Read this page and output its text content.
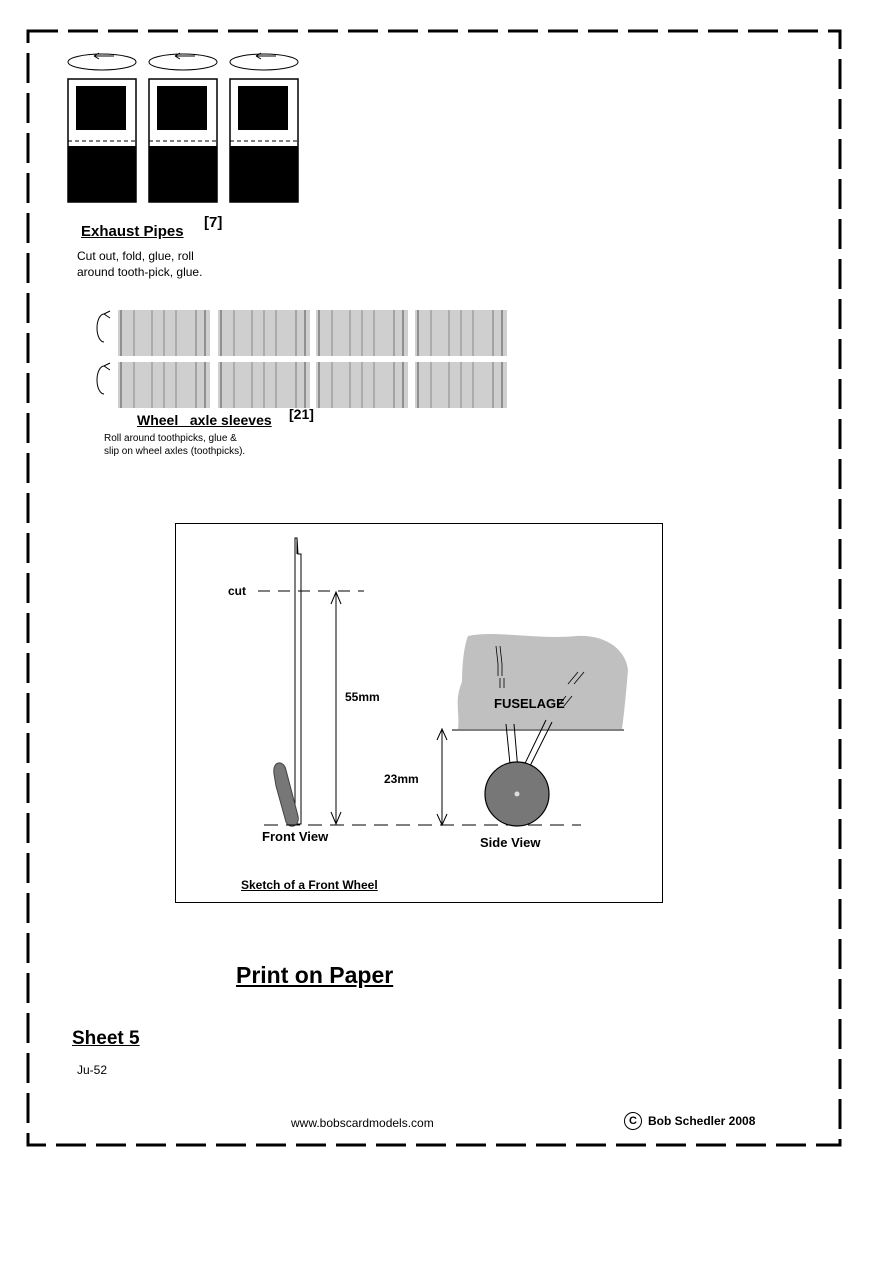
Exhaust Pipes
[7]
Cut out, fold, glue, roll
around tooth-pick, glue.
Wheel   axle sleeves [21]
Roll around toothpicks, glue &
slip on wheel axles (toothpicks).
cut
55mm
23mm
FUSELAGE
Front View	Side View
Sketch of a Front Wheel
Print on Paper
Sheet 5
Ju-52
www.bobscardmodels.com	C Bob Schedler 2008
